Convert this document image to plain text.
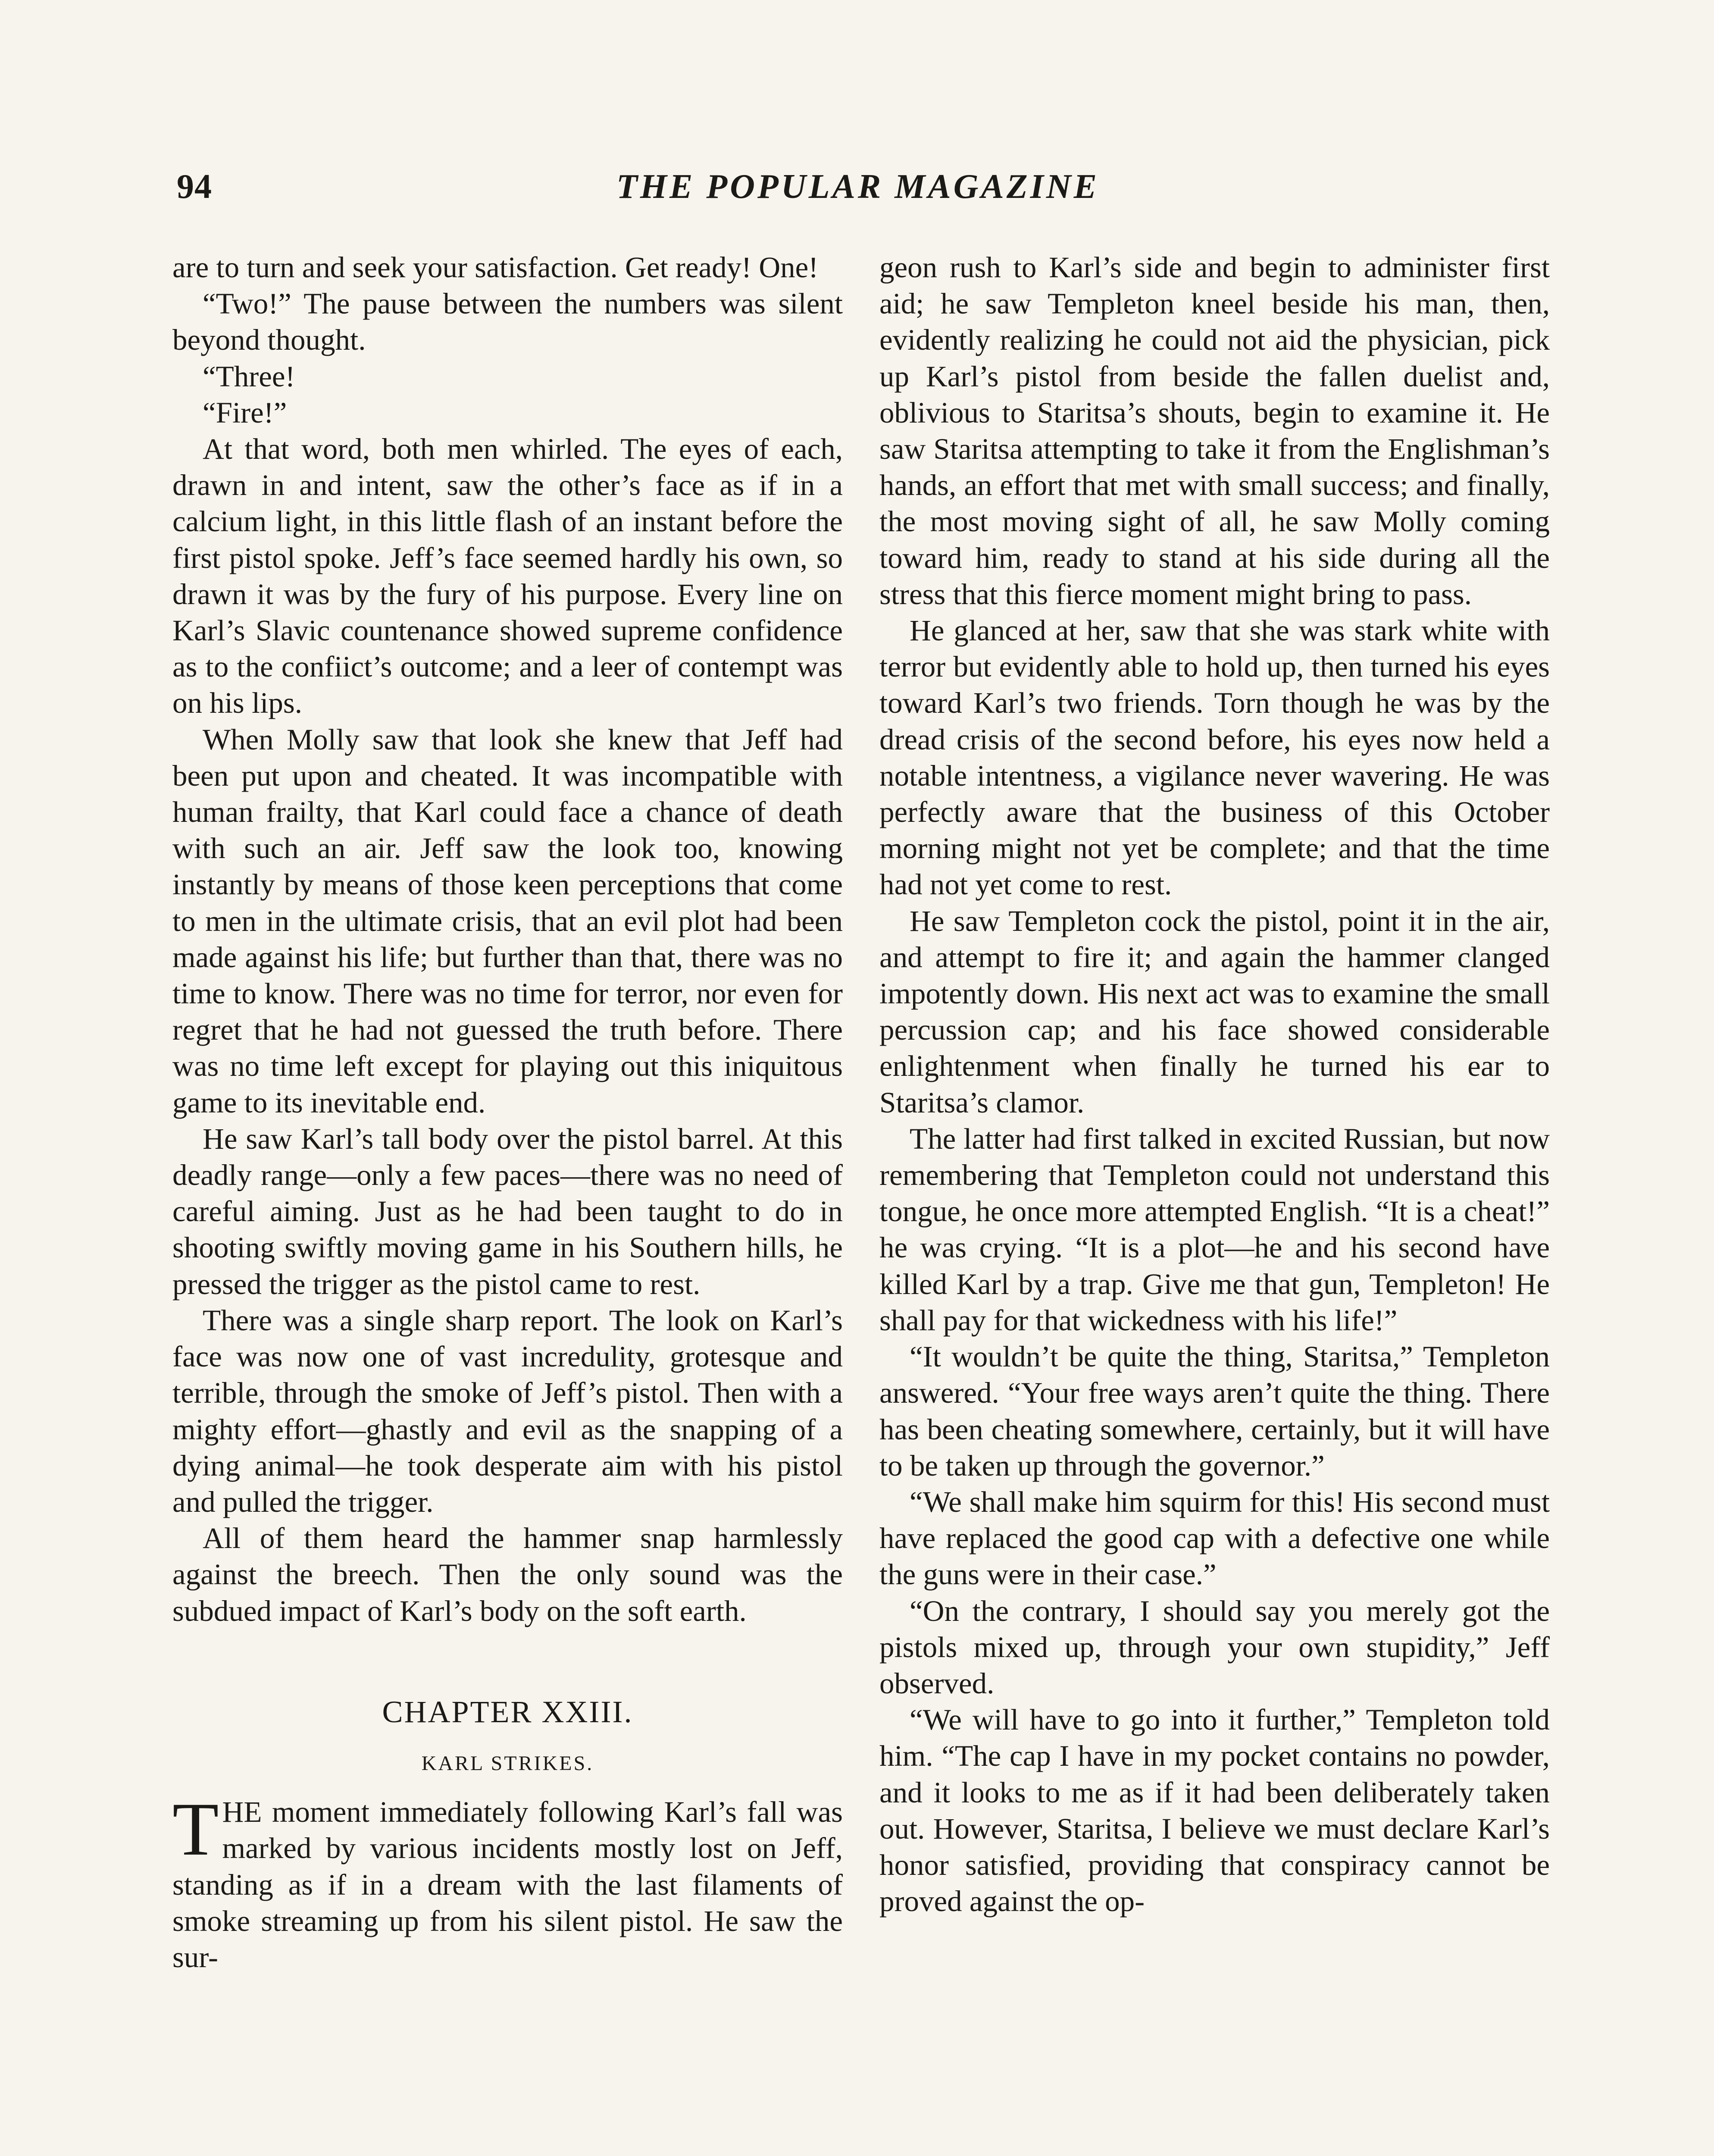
94	THE POPULAR MAGAZINE

are to turn and seek your satisfaction. Get ready! One!

“Two!” The pause between the numbers was silent beyond thought.

“Three!

“Fire!”

At that word, both men whirled. The eyes of each, drawn in and intent, saw the other’s face as if in a calcium light, in this little flash of an instant before the first pistol spoke. Jeff’s face seemed hardly his own, so drawn it was by the fury of his purpose. Every line on Karl’s Slavic countenance showed supreme confidence as to the confiict’s outcome; and a leer of contempt was on his lips.

When Molly saw that look she knew that Jeff had been put upon and cheated. It was incompatible with human frailty, that Karl could face a chance of death with such an air. Jeff saw the look too, knowing instantly by means of those keen perceptions that come to men in the ultimate crisis, that an evil plot had been made against his life; but further than that, there was no time to know. There was no time for terror, nor even for regret that he had not guessed the truth before. There was no time left except for playing out this iniquitous game to its inevitable end.

He saw Karl’s tall body over the pistol barrel. At this deadly range—only a few paces—there was no need of careful aiming. Just as he had been taught to do in shooting swiftly moving game in his Southern hills, he pressed the trigger as the pistol came to rest.

There was a single sharp report. The look on Karl’s face was now one of vast incredulity, grotesque and terrible, through the smoke of Jeff’s pistol. Then with a mighty effort—ghastly and evil as the snapping of a dying animal—he took desperate aim with his pistol and pulled the trigger.

All of them heard the hammer snap harmlessly against the breech. Then the only sound was the subdued impact of Karl’s body on the soft earth.

CHAPTER XXIII.

KARL STRIKES.

THE moment immediately following Karl’s fall was marked by various incidents mostly lost on Jeff, standing as if in a dream with the last filaments of smoke streaming up from his silent pistol. He saw the sur-

geon rush to Karl’s side and begin to administer first aid; he saw Templeton kneel beside his man, then, evidently realizing he could not aid the physician, pick up Karl’s pistol from beside the fallen duelist and, oblivious to Staritsa’s shouts, begin to examine it. He saw Staritsa attempting to take it from the Englishman’s hands, an effort that met with small success; and finally, the most moving sight of all, he saw Molly coming toward him, ready to stand at his side during all the stress that this fierce moment might bring to pass.

He glanced at her, saw that she was stark white with terror but evidently able to hold up, then turned his eyes toward Karl’s two friends. Torn though he was by the dread crisis of the second before, his eyes now held a notable intentness, a vigilance never wavering. He was perfectly aware that the business of this October morning might not yet be complete; and that the time had not yet come to rest.

He saw Templeton cock the pistol, point it in the air, and attempt to fire it; and again the hammer clanged impotently down. His next act was to examine the small percussion cap; and his face showed considerable enlightenment when finally he turned his ear to Staritsa’s clamor.

The latter had first talked in excited Russian, but now remembering that Templeton could not understand this tongue, he once more attempted English. “It is a cheat!” he was crying. “It is a plot—he and his second have killed Karl by a trap. Give me that gun, Templeton! He shall pay for that wickedness with his life!”

“It wouldn’t be quite the thing, Staritsa,” Templeton answered. “Your free ways aren’t quite the thing. There has been cheating somewhere, certainly, but it will have to be taken up through the governor.”

“We shall make him squirm for this! His second must have replaced the good cap with a defective one while the guns were in their case.”

“On the contrary, I should say you merely got the pistols mixed up, through your own stupidity,” Jeff observed.

“We will have to go into it further,” Templeton told him. “The cap I have in my pocket contains no powder, and it looks to me as if it had been deliberately taken out. However, Staritsa, I believe we must declare Karl’s honor satisfied, providing that conspiracy cannot be proved against the op-
